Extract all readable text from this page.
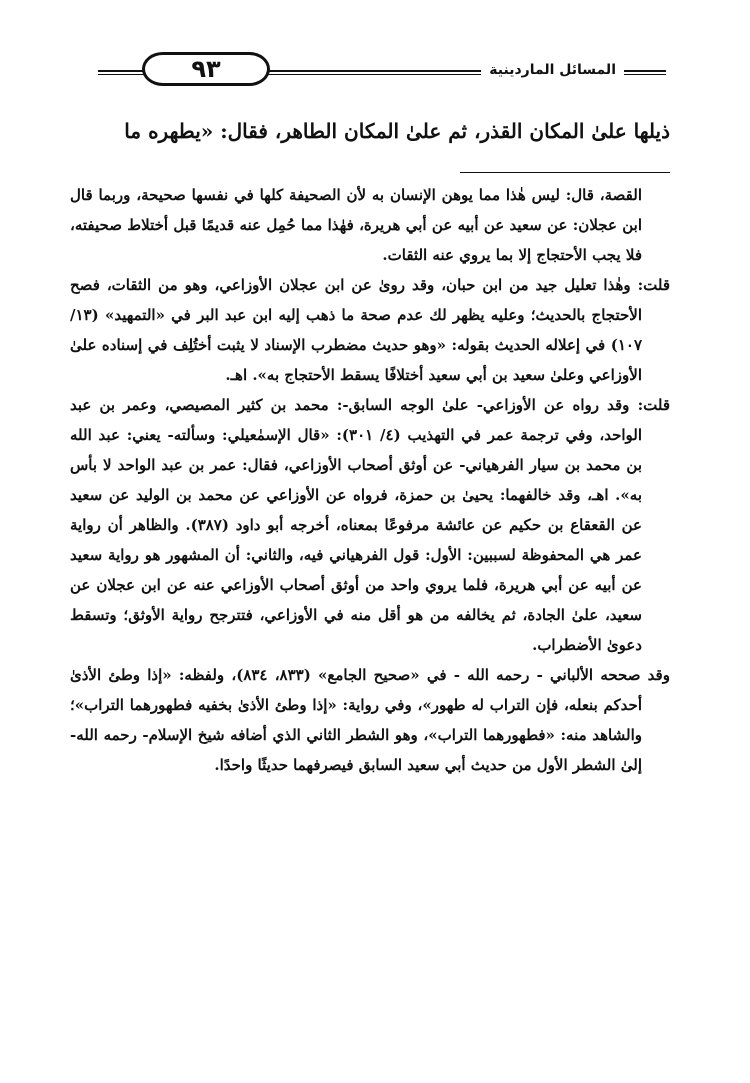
٩٣	المسائل الماردينية
ذيلها علىٰ المكان القذر، ثم علىٰ المكان الطاهر، فقال: «يطهره ما

القصة، قال: ليس هٰذا مما يوهن الإنسان به لأن الصحيفة كلها في نفسها صحيحة، وربما قال ابن عجلان: عن سعيد عن أبيه عن أبي هريرة، فهٰذا مما حُمِل عنه قديمًا قبل أختلاط صحيفته، فلا يجب الأحتجاج إلا بما يروي عنه الثقات.

قلت: وهٰذا تعليل جيد من ابن حبان، وقد روىٰ عن ابن عجلان الأوزاعي، وهو من الثقات، فصح الأحتجاج بالحديث؛ وعليه يظهر لك عدم صحة ما ذهب إليه ابن عبد البر في «التمهيد» (١٣/ ١٠٧) في إعلاله الحديث بقوله: «وهو حديث مضطرب الإسناد لا يثبت أختُلِف في إسناده علىٰ الأوزاعي وعلىٰ سعيد بن أبي سعيد أختلافًا يسقط الأحتجاج به». اهـ.

قلت: وقد رواه عن الأوزاعي- علىٰ الوجه السابق-: محمد بن كثير المصيصي، وعمر بن عبد الواحد، وفي ترجمة عمر في التهذيب (٤/ ٣٠١): «قال الإسمٰعيلي: وسألته- يعني: عبد الله بن محمد بن سيار الفرهياني- عن أوثق أصحاب الأوزاعي، فقال: عمر بن عبد الواحد لا بأس به». اهـ، وقد خالفهما: يحيىٰ بن حمزة، فرواه عن الأوزاعي عن محمد بن الوليد عن سعيد عن القعقاع بن حكيم عن عائشة مرفوعًا بمعناه، أخرجه أبو داود (٣٨٧). والظاهر أن رواية عمر هي المحفوظة لسببين: الأول: قول الفرهياني فيه، والثاني: أن المشهور هو رواية سعيد عن أبيه عن أبي هريرة، فلما يروي واحد من أوثق أصحاب الأوزاعي عنه عن ابن عجلان عن سعيد، علىٰ الجادة، ثم يخالفه من هو أقل منه في الأوزاعي، فتترجح رواية الأوثق؛ وتسقط دعوىٰ الأضطراب.

وقد صححه الألباني - رحمه الله - في «صحيح الجامع» (٨٣٣، ٨٣٤)، ولفظه: «إذا وطئ الأذىٰ أحدكم بنعله، فإن التراب له طهور»، وفي رواية: «إذا وطئ الأذىٰ بخفيه فطهورهما التراب»؛ والشاهد منه: «فطهورهما التراب»، وهو الشطر الثاني الذي أضافه شيخ الإسلام- رحمه الله- إلىٰ الشطر الأول من حديث أبي سعيد السابق فيصرفهما حديثًا واحدًا.
